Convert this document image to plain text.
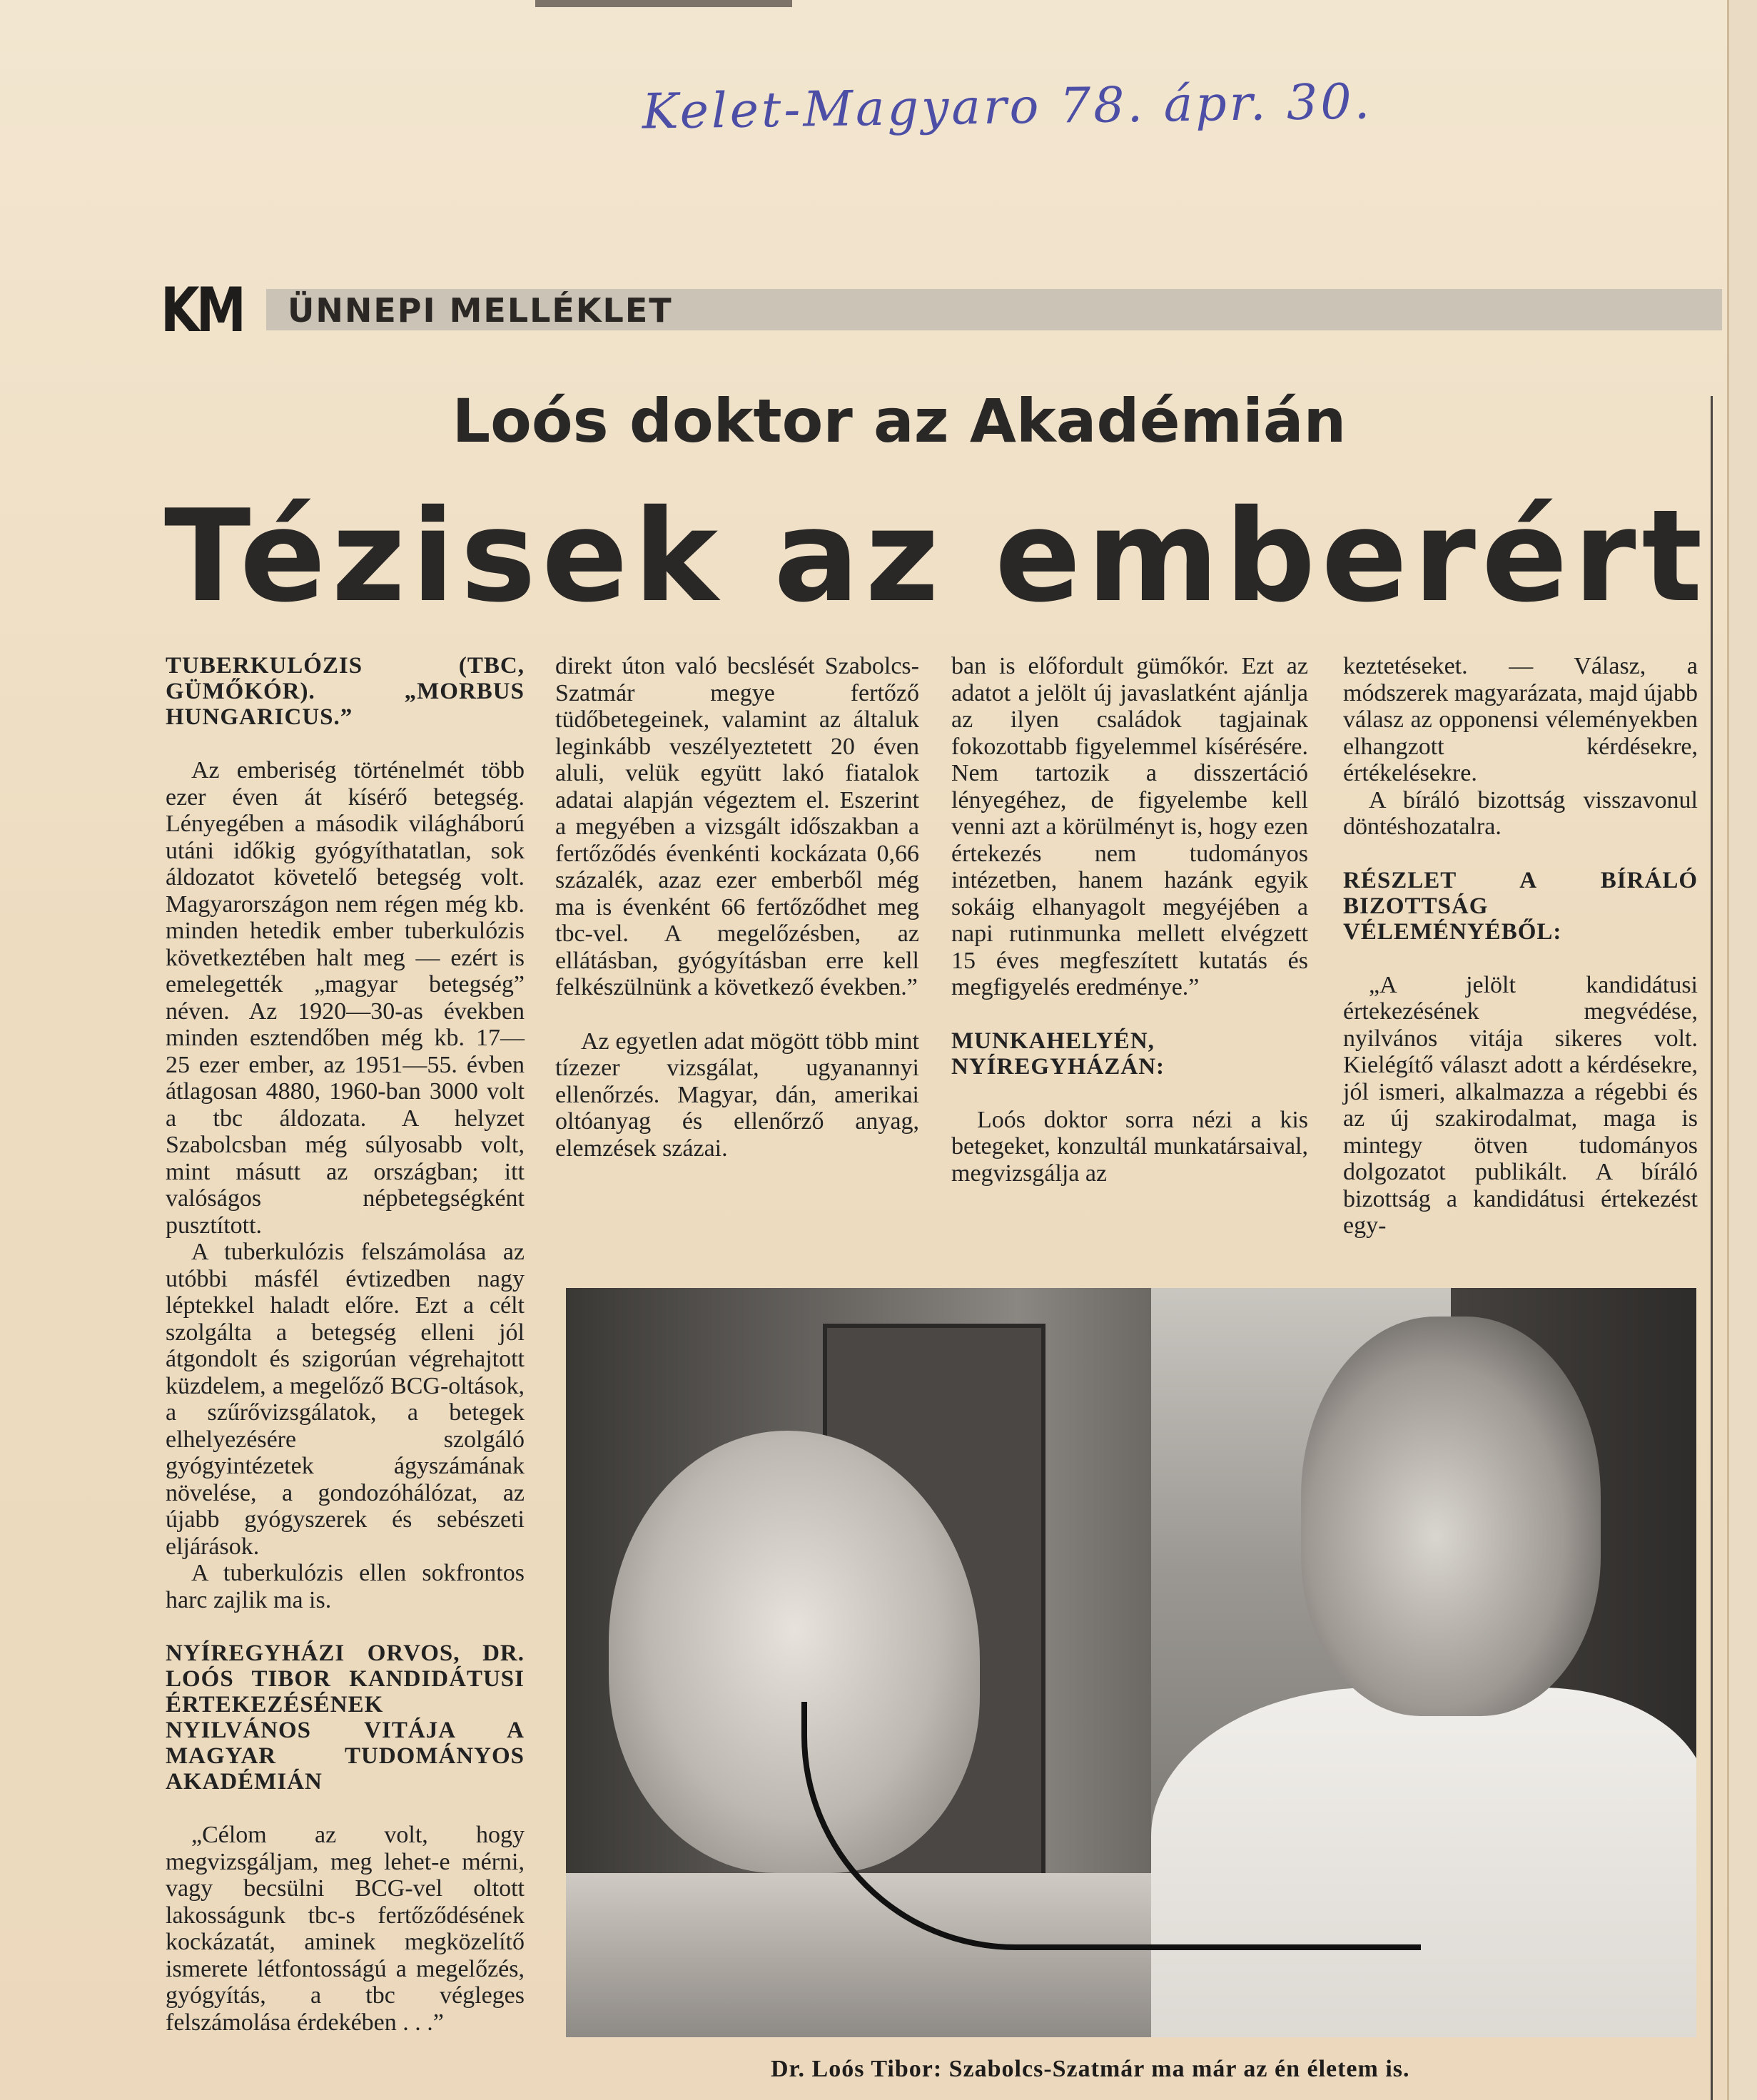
Kelet-Magyaro 78. ápr. 30.
KM ÜNNEPI MELLÉKLET
Loós doktor az Akadémián
Tézisek az emberért
TUBERKULÓZIS (TBC, GÜMŐKÓR). „MORBUS HUNGARICUS.”

Az emberiség történelmét több ezer éven át kísérő betegség. Lényegében a második világháború utáni időkig gyógyíthatatlan, sok áldozatot követelő betegség volt. Magyarországon nem régen még kb. minden hetedik ember tuberkulózis következtében halt meg — ezért is emelegették „magyar betegség” néven. Az 1920—30-as években minden esztendőben még kb. 17—25 ezer ember, az 1951—55. évben átlagosan 4880, 1960-ban 3000 volt a tbc áldozata. A helyzet Szabolcsban még súlyosabb volt, mint másutt az országban; itt valóságos népbetegségként pusztított.

A tuberkulózis felszámolása az utóbbi másfél évtizedben nagy léptekkel haladt előre. Ezt a célt szolgálta a betegség elleni jól átgondolt és szigorúan végrehajtott küzdelem, a megelőző BCG-oltások, a szűrővizsgálatok, a betegek elhelyezésére szolgáló gyógyintézetek ágyszámának növelése, a gondozóhálózat, az újabb gyógyszerek és sebészeti eljárások.

A tuberkulózis ellen sokfrontos harc zajlik ma is.

NYÍREGYHÁZI ORVOS, DR. LOÓS TIBOR KANDIDÁTUSI ÉRTEKEZÉSÉNEK NYILVÁNOS VITÁJA A MAGYAR TUDOMÁNYOS AKADÉMIÁN

„Célom az volt, hogy megvizsgáljam, meg lehet-e mérni, vagy becsülni BCG-vel oltott lakosságunk tbc-s fertőződésének kockázatát, aminek megközelítő ismerete létfontosságú a megelőzés, gyógyítás, a tbc végleges felszámolása érdekében . . .”

direkt úton való becslését Szabolcs-Szatmár megye fertőző tüdőbetegeinek, valamint az általuk leginkább veszélyeztetett 20 éven aluli, velük együtt lakó fiatalok adatai alapján végeztem el. Eszerint a megyében a vizsgált időszakban a fertőződés évenkénti kockázata 0,66 százalék, azaz ezer emberből még ma is évenként 66 fertőződhet meg tbc-vel. A megelőzésben, az ellátásban, gyógyításban erre kell felkészülnünk a következő években.”

Az egyetlen adat mögött több mint tízezer vizsgálat, ugyanannyi ellenőrzés. Magyar, dán, amerikai oltóanyag és ellenőrző anyag, elemzések százai.

ban is előfordult gümőkór. Ezt az adatot a jelölt új javaslatként ajánlja az ilyen családok tagjainak fokozottabb figyelemmel kísérésére. Nem tartozik a disszertáció lényegéhez, de figyelembe kell venni azt a körülményt is, hogy ezen értekezés nem tudományos intézetben, hanem hazánk egyik sokáig elhanyagolt megyéjében a napi rutinmunka mellett elvégzett 15 éves megfeszített kutatás és megfigyelés eredménye.”

MUNKAHELYÉN, NYÍREGYHÁZÁN:

Loós doktor sorra nézi a kis betegeket, konzultál munkatársaival, megvizsgálja az

keztetéseket. — Válasz, a módszerek magyarázata, majd újabb válasz az opponensi véleményekben elhangzott kérdésekre, értékelésekre.

A bíráló bizottság visszavonul döntéshozatalra.

RÉSZLET A BÍRÁLÓ BIZOTTSÁG VÉLEMÉNYÉBŐL:

„A jelölt kandidátusi értekezésének megvédése, nyilvános vitája sikeres volt. Kielégítő választ adott a kérdésekre, jól ismeri, alkalmazza a régebbi és az új szakirodalmat, maga is mintegy ötven tudományos dolgozatot publikált. A bíráló bizottság a kandidátusi értekezést egy-

Dr. Loós Tibor: Szabolcs-Szatmár ma már az én életem is.
